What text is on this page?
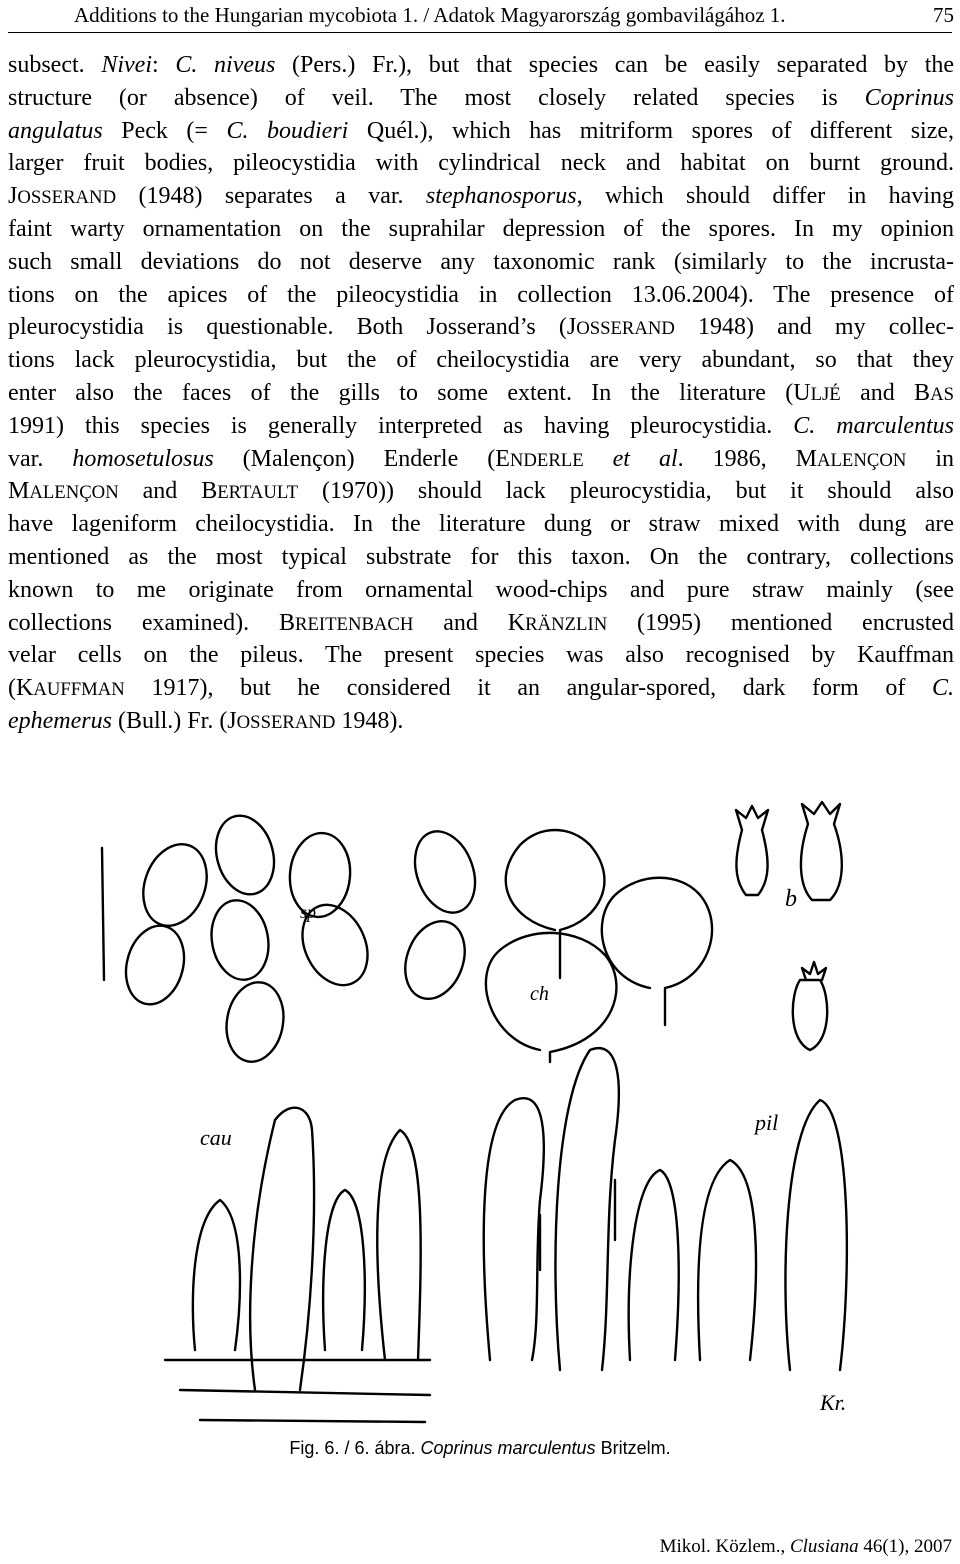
Additions to the Hungarian mycobiota 1. / Adatok Magyarország gombavilágához 1.	75
subsect. Nivei: C. niveus (Pers.) Fr.), but that species can be easily separated by the
structure (or absence) of veil. The most closely related species is Coprinus
angulatus Peck (= C. boudieri Quél.), which has mitriform spores of different size,
larger fruit bodies, pileocystidia with cylindrical neck and habitat on burnt ground.
JOSSERAND (1948) separates a var. stephanosporus, which should differ in having
faint warty ornamentation on the suprahilar depression of the spores. In my opinion
such small deviations do not deserve any taxonomic rank (similarly to the incrusta-
tions on the apices of the pileocystidia in collection 13.06.2004). The presence of
pleurocystidia is questionable. Both Josserand’s (JOSSERAND 1948) and my collec-
tions lack pleurocystidia, but the of cheilocystidia are very abundant, so that they
enter also the faces of the gills to some extent. In the literature (ULJÉ and BAS
1991) this species is generally interpreted as having pleurocystidia. C. marculentus
var. homosetulosus (Malençon) Enderle (ENDERLE et al. 1986, MALENÇON in
MALENÇON and BERTAULT (1970)) should lack pleurocystidia, but it should also
have lageniform cheilocystidia. In the literature dung or straw mixed with dung are
mentioned as the most typical substrate for this taxon. On the contrary, collections
known to me originate from ornamental wood-chips and pure straw mainly (see
collections examined). BREITENBACH and KRÄNZLIN (1995) mentioned encrusted
velar cells on the pileus. The present species was also recognised by Kauffman
(KAUFFMAN 1917), but he considered it an angular-spored, dark form of C.
ephemerus (Bull.) Fr. (JOSSERAND 1948).
sp
ch
b
cau
pil
Kr.
Fig. 6. / 6. ábra. Coprinus marculentus Britzelm.
Mikol. Közlem., Clusiana 46(1), 2007
